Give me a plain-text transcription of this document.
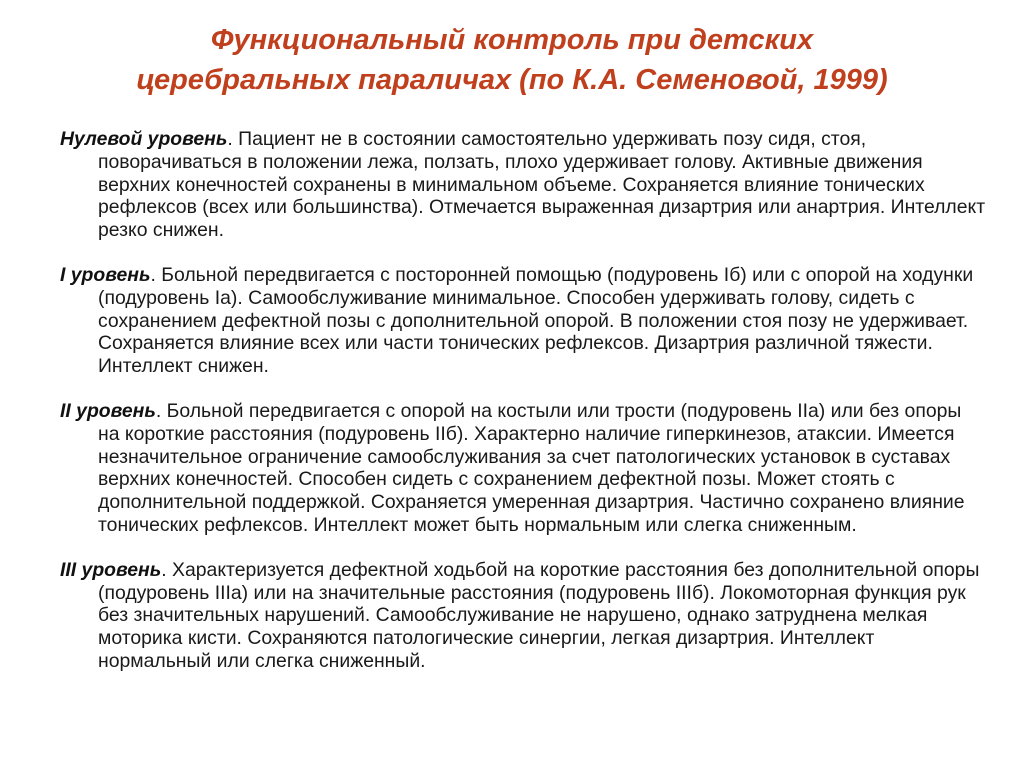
Функциональный контроль при детских
церебральных параличах (по К.А. Семеновой, 1999)

Нулевой уровень. Пациент не в состоянии самостоятельно удерживать позу сидя, стоя, поворачиваться в положении лежа, ползать, плохо удерживает голову. Активные движения верхних конечностей сохранены в минимальном объеме. Сохраняется влияние тонических рефлексов (всех или большинства). Отмечается выраженная дизартрия или анартрия. Интеллект резко снижен.

I уровень. Больной передвигается с посторонней помощью (подуровень Iб) или с опорой на ходунки (подуровень Iа). Самообслуживание минимальное. Способен удерживать голову, сидеть с сохранением дефектной позы с дополнительной опорой. В положении стоя позу не удерживает. Сохраняется влияние всех или части тонических рефлексов. Дизартрия различной тяжести. Интеллект снижен.

II уровень. Больной передвигается с опорой на костыли или трости (подуровень IIа) или без опоры на короткие расстояния (подуровень IIб). Характерно наличие гиперкинезов, атаксии. Имеется незначительное ограничение самообслуживания за счет патологических установок в суставах верхних конечностей. Способен сидеть с сохранением дефектной позы. Может стоять с дополнительной поддержкой. Сохраняется умеренная дизартрия. Частично сохранено влияние тонических рефлексов. Интеллект может быть нормальным или слегка сниженным.

III уровень. Характеризуется дефектной ходьбой на короткие расстояния без дополнительной опоры (подуровень IIIа) или на значительные расстояния (подуровень IIIб). Локомоторная функция рук без значительных нарушений. Самообслуживание не нарушено, однако затруднена мелкая моторика кисти. Сохраняются патологические синергии, легкая дизартрия. Интеллект нормальный или слегка сниженный.
